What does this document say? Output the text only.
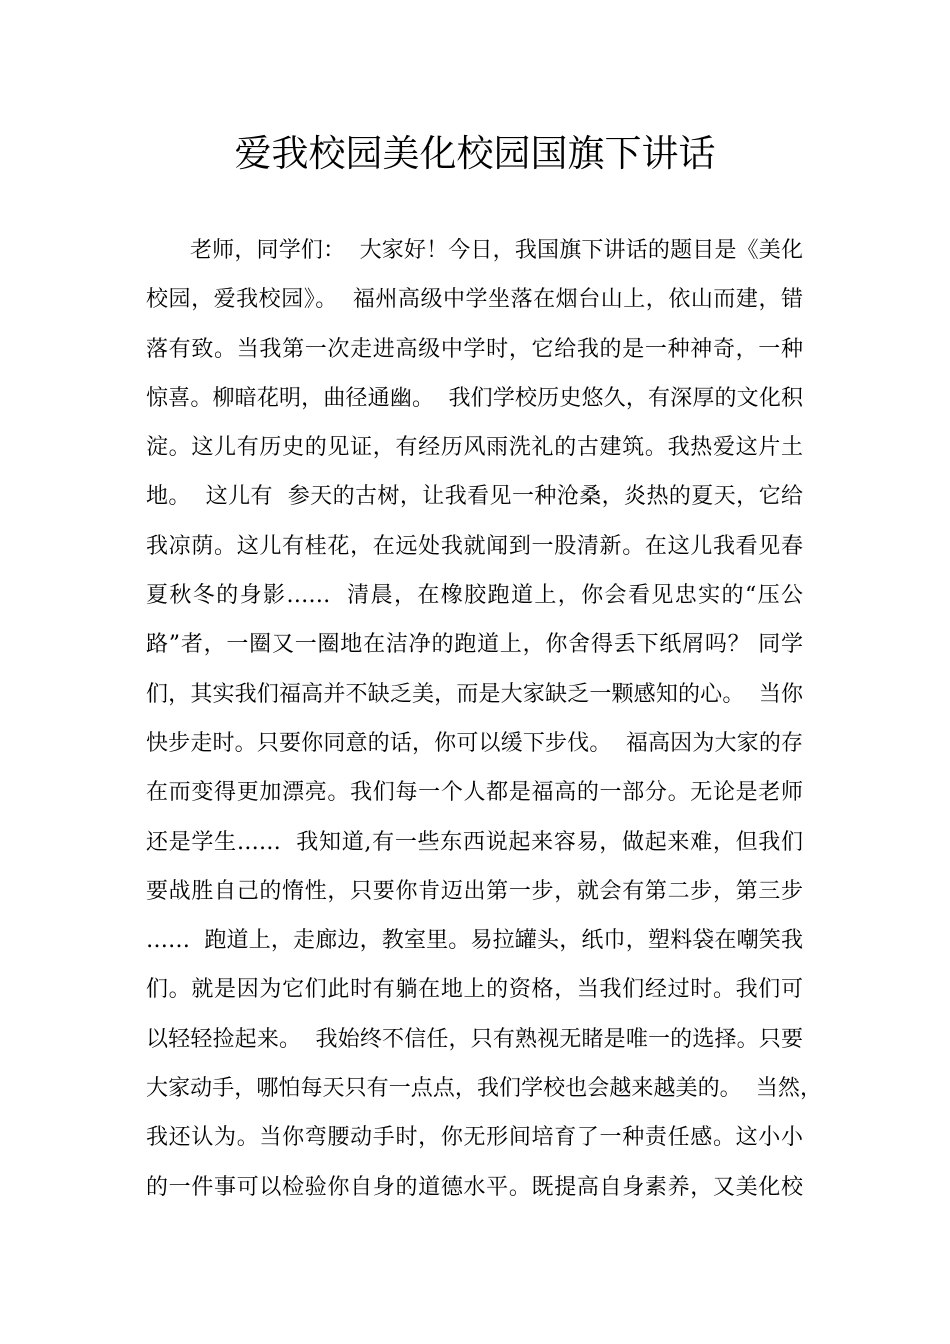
爱我校园美化校园国旗下讲话
老师，同学们：  大家好！今日，我国旗下讲话的题目是《美化
校园，爱我校园》。  福州高级中学坐落在烟台山上，依山而建，错
落有致。当我第一次走进高级中学时，它给我的是一种神奇，一种
惊喜。柳暗花明，曲径通幽。  我们学校历史悠久，有深厚的文化积
淀。这儿有历史的见证，有经历风雨洗礼的古建筑。我热爱这片土
地。  这儿有  参天的古树，让我看见一种沧桑，炎热的夏天，它给
我凉荫。这儿有桂花，在远处我就闻到一股清新。在这儿我看见春
夏秋冬的身影……  清晨，在橡胶跑道上，你会看见忠实的“压公
路”者，一圈又一圈地在洁净的跑道上，你舍得丢下纸屑吗？ 同学
们，其实我们福高并不缺乏美，而是大家缺乏一颗感知的心。  当你
快步走时。只要你同意的话，你可以缓下步伐。  福高因为大家的存
在而变得更加漂亮。我们每一个人都是福高的一部分。无论是老师
还是学生……  我知道,有一些东西说起来容易，做起来难，但我们
要战胜自己的惰性，只要你肯迈出第一步，就会有第二步，第三步
……  跑道上，走廊边，教室里。易拉罐头，纸巾，塑料袋在嘲笑我
们。就是因为它们此时有躺在地上的资格，当我们经过时。我们可
以轻轻捡起来。  我始终不信任，只有熟视无睹是唯一的选择。只要
大家动手，哪怕每天只有一点点，我们学校也会越来越美的。  当然，
我还认为。当你弯腰动手时，你无形间培育了一种责任感。这小小
的一件事可以检验你自身的道德水平。既提高自身素养，又美化校
